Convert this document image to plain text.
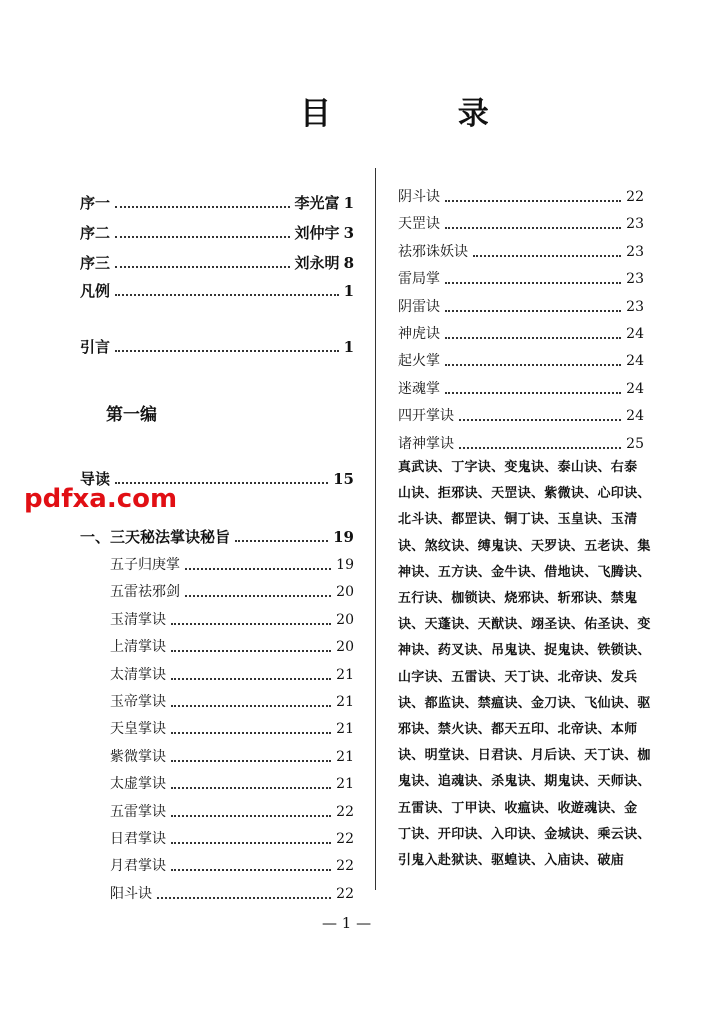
目 录
序一	李光富 1
序二	刘仲宇 3
序三	刘永明 8
凡例	1
引言	1
第一编
导读	15
一、三天秘法掌诀秘旨	19
五子归庚掌	19
五雷祛邪剑	20
玉清掌诀	20
上清掌诀	20
太清掌诀	21
玉帝掌诀	21
天皇掌诀	21
紫微掌诀	21
太虚掌诀	21
五雷掌诀	22
日君掌诀	22
月君掌诀	22
阳斗诀	22
阴斗诀	22
天罡诀	23
祛邪诛妖诀	23
雷局掌	23
阴雷诀	23
神虎诀	24
起火掌	24
迷魂掌	24
四开掌诀	24
诸神掌诀	25
真武诀、丁字诀、变鬼诀、泰山诀、右泰
山诀、拒邪诀、天罡诀、紫微诀、心印诀、
北斗诀、都罡诀、铜丁诀、玉皇诀、玉清
诀、煞纹诀、缚鬼诀、天罗诀、五老诀、集
神诀、五方诀、金牛诀、借地诀、飞腾诀、
五行诀、枷锁诀、烧邪诀、斩邪诀、禁鬼
诀、天蓬诀、天猷诀、翊圣诀、佑圣诀、变
神诀、药叉诀、吊鬼诀、捉鬼诀、铁锁诀、
山字诀、五雷诀、天丁诀、北帝诀、发兵
诀、都监诀、禁瘟诀、金刀诀、飞仙诀、驱
邪诀、禁火诀、都天五印、北帝诀、本师
诀、明堂诀、日君诀、月后诀、天丁诀、枷
鬼诀、追魂诀、杀鬼诀、期鬼诀、天师诀、
五雷诀、丁甲诀、收瘟诀、收遊魂诀、金
丁诀、开印诀、入印诀、金城诀、乘云诀、
引鬼入赴狱诀、驱蝗诀、入庙诀、破庙
— 1 —
pdfxa.com
